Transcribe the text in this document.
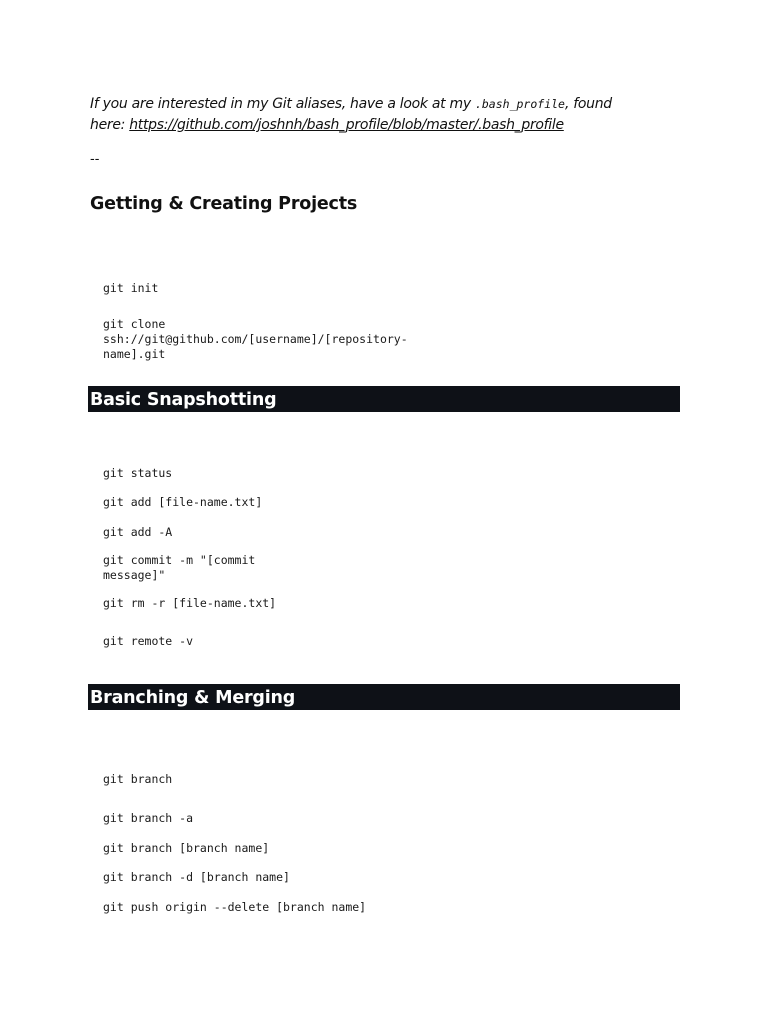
If you are interested in my Git aliases, have a look at my .bash_profile, found here: https://github.com/joshnh/bash_profile/blob/master/.bash_profile

--
Getting & Creating Projects
git init
git clone ssh://git@github.com/[username]/[repository-name].git
Basic Snapshotting
git status
git add [file-name.txt]
git add -A
git commit -m "[commit message]"
git rm -r [file-name.txt]
git remote -v
Branching & Merging
git branch
git branch -a
git branch [branch name]
git branch -d [branch name]
git push origin --delete [branch name]
